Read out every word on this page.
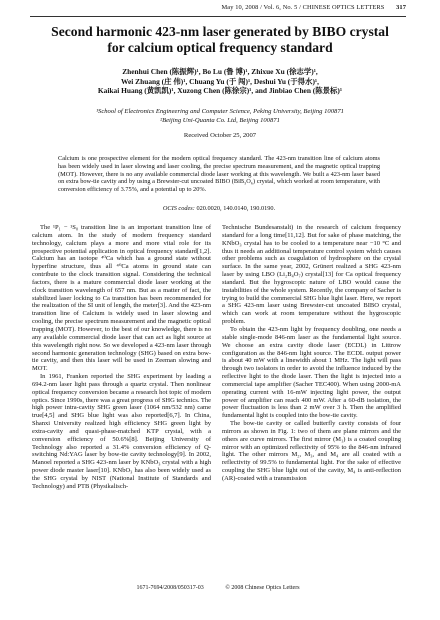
May 10, 2008 / Vol. 6, No. 5 / CHINESE OPTICS LETTERS 317
Second harmonic 423-nm laser generated by BIBO crystal
for calcium optical frequency standard
Zhenhui Chen (陈振辉)¹, Bo Lu (鲁 博)¹, Zhixue Xu (徐志学)¹,
Wei Zhuang (庄 伟)¹, Chuang Yu (于 闯)¹, Deshui Yu (于得水)¹,
Kaikai Huang (黄凯凯)¹, Xuzong Chen (陈徐宗)¹, and Jinbiao Chen (陈景标)¹
¹School of Electronics Engineering and Computer Science, Peking University, Beijing 100871
²Beijing Uni-Quanta Co. Ltd, Beijing 100871
Received October 25, 2007
Calcium is one prospective element for the modern optical frequency standard. The 423-nm transition line of calcium atoms has been widely used in laser slowing and laser cooling, the precise spectrum measurement, and the magnetic optical trapping (MOT). However, there is no any available commercial diode laser working at this wavelength. We built a 423-nm laser based on extra bow-tie cavity and by using a Brewster-cut uncoated BIBO (BiB₃O₆) crystal, which worked at room temperature, with conversion efficiency of 3.75%, and a potential up to 20%.
OCIS codes: 020.0020, 140.0140, 190.0190.

The ¹P₁ − ¹S₀ transition line is an important transition line of calcium atom. In the study of modern frequency standard technology, calcium plays a more and more vital role for its prospective potential application in optical frequency standard[1,2]. Calcium has an isotope ⁴⁰Ca which has a ground state without hyperfine structure, thus all ⁴⁰Ca atoms in ground state can contribute to the clock transition signal. Considering the technical factors, there is a mature commercial diode laser working at the clock transition wavelength of 657 nm. But as a matter of fact, the stabilized laser locking to Ca transition has been recommended for the realization of the SI unit of length, the meter[3]. And the 423-nm transition line of Calcium is widely used in laser slowing and cooling, the precise spectrum measurement and the magnetic optical trapping (MOT). However, to the best of our knowledge, there is no any available commercial diode laser that can act as light source at this wavelength right now. So we developed a 423-nm laser through second harmonic generation technology (SHG) based on extra bow-tie cavity, and then this laser will be used in Zeeman slowing and MOT.

In 1961, Franken reported the SHG experiment by leading a 694.2-nm laser light pass through a quartz crystal. Then nonlinear optical frequency conversion became a research hot topic of modern optics. Since 1990s, there was a great progress of SHG technics. The high power intra-cavity SHG green laser (1064 nm/532 nm) came true[4,5] and SHG blue light was also reported[6,7]. In China, Shanxi University realized high efficiency SHG green light by extra-cavity and quasi-phase-matched KTP crystal, with a conversion efficiency of 50.6%[8]. Beijing University of Technology also reported a 31.4% conversion efficiency of Q-switching Nd:YAG laser by bow-tie cavity technology[9]. In 2002, Manoel reported a SHG 423-nm laser by KNbO₃ crystal with a high power diode master laser[10]. KNbO₃ has also been widely used as the SHG crystal by NIST (National Institute of Standards and Technology) and PTB (Physikalisch-

Technische Bundesanstalt) in the research of calcium frequency standard for a long time[11,12]. But for sake of phase matching, the KNbO₃ crystal has to be cooled to a temperature near −10 °C and thus it needs an additional temperature control system which causes other problems such as coagulation of hydrosphere on the crystal surface. In the same year, 2002, Grünert realized a SHG 423-nm laser by using LBO (Li₂B₄O₇) crystal[13] for Ca optical frequency standard. But the hygroscopic nature of LBO would cause the instabilities of the whole system. Recently, the company of Sacher is trying to build the commercial SHG blue light laser. Here, we report a SHG 423-nm laser using Brewster-cut uncoated BIBO crystal, which can work at room temperature without the hygroscopic problem.

To obtain the 423-nm light by frequency doubling, one needs a stable single-mode 846-nm laser as the fundamental light source. We choose an extra cavity diode laser (ECDL) in Littrow configuration as the 846-nm light source. The ECDL output power is about 40 mW with a linewidth about 1 MHz. The light will pass through two isolators in order to avoid the influence induced by the reflective light to the diode laser. Then the light is injected into a commercial tape amplifier (Sacher TEC400). When using 2000-mA operating current with 16-mW injecting light power, the output power of amplifier can reach 400 mW. After a 60-dB isolation, the power fluctuation is less than 2 mW over 3 h. Then the amplified fundamental light is coupled into the bow-tie cavity.

The bow-tie cavity or called butterfly cavity consists of four mirrors as shown in Fig. 1: two of them are plane mirrors and the others are curve mirrors. The first mirror (M₁) is a coated coupling mirror with an optimized reflectivity of 95% to the 846-nm infrared light. The other mirrors M₂, M₃, and M₄ are all coated with a reflectivity of 99.5% to fundamental light. For the sake of effective coupling the SHG blue light out of the cavity, M₄ is anti-reflection (AR)-coated with a transmission

1671-7694/2008/050317-03	© 2008 Chinese Optics Letters
